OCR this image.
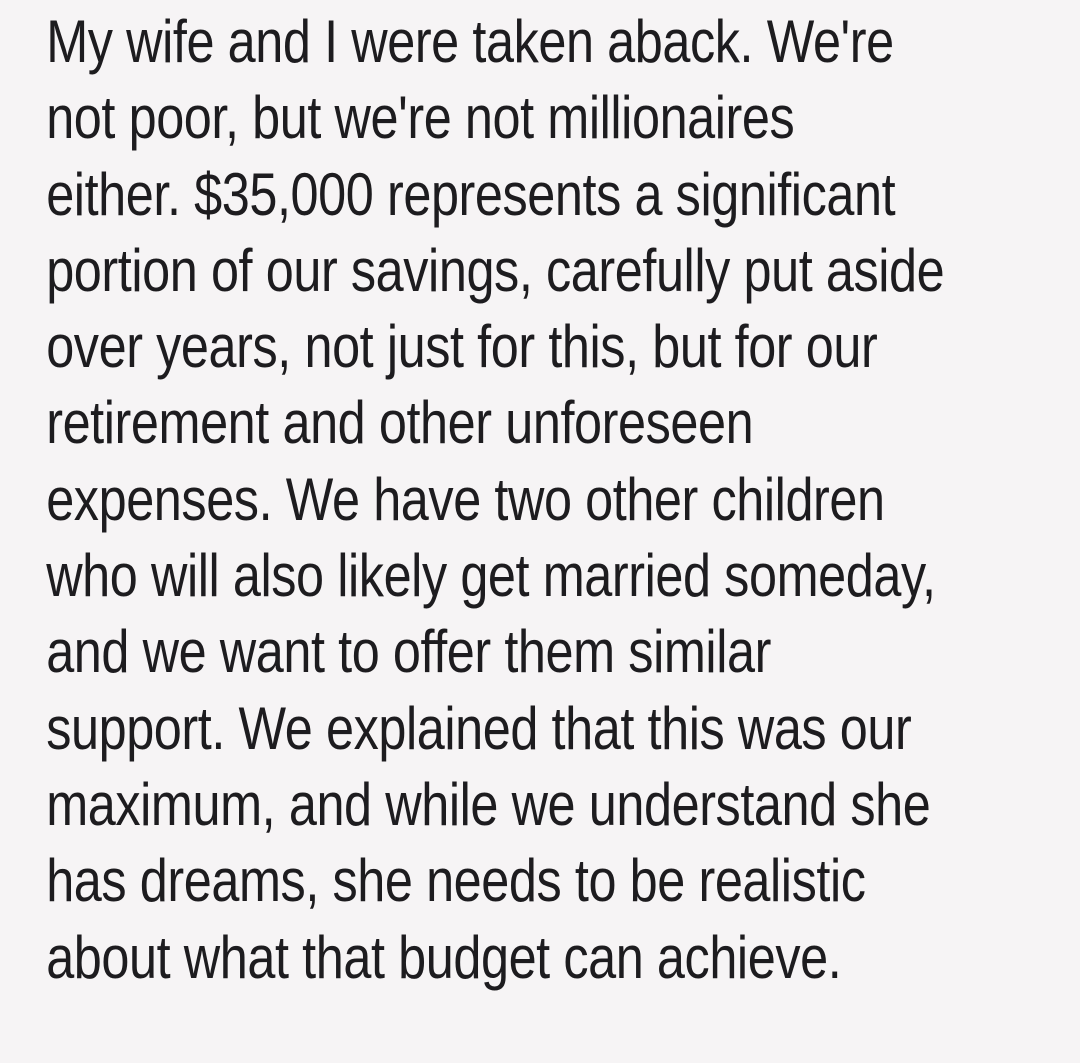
My wife and I were taken aback. We're
not poor, but we're not millionaires
either. $35,000 represents a significant
portion of our savings, carefully put aside
over years, not just for this, but for our
retirement and other unforeseen
expenses. We have two other children
who will also likely get married someday,
and we want to offer them similar
support. We explained that this was our
maximum, and while we understand she
has dreams, she needs to be realistic
about what that budget can achieve.
